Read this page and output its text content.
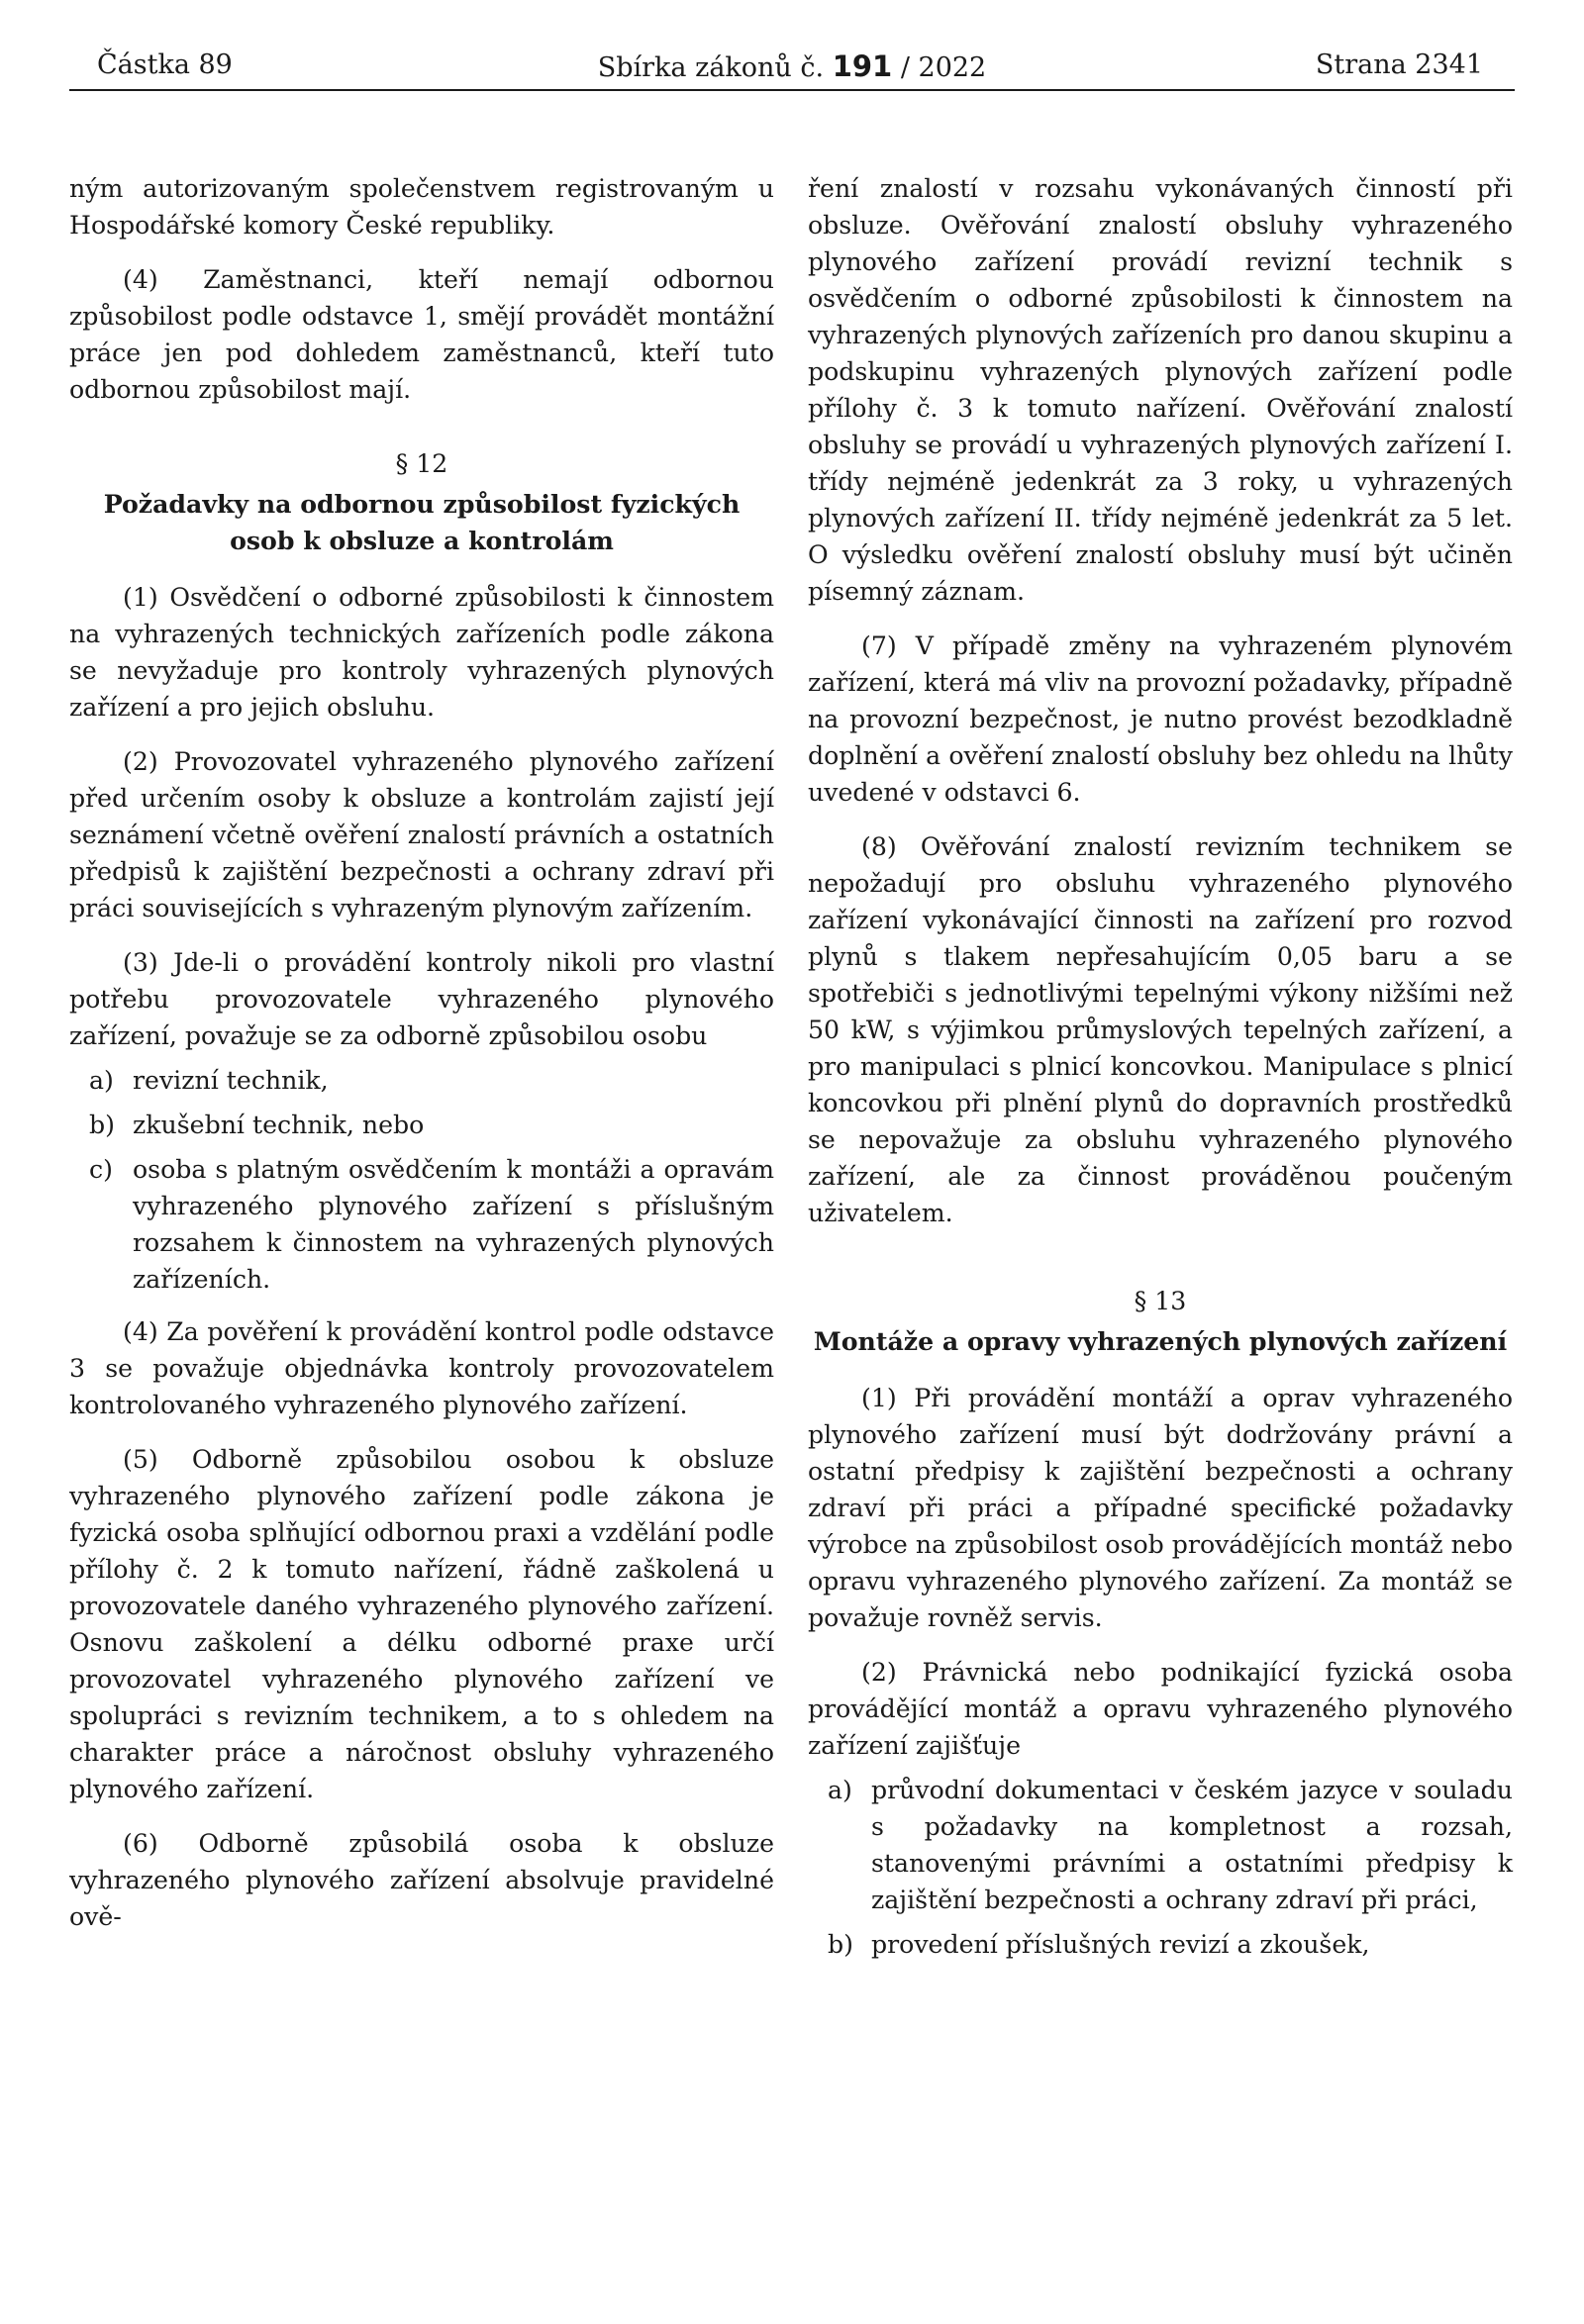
Částka 89	Sbírka zákonů č. 191 / 2022	Strana 2341

ným autorizovaným společenstvem registrovaným u Hospodářské komory České republiky.

(4) Zaměstnanci, kteří nemají odbornou způsobilost podle odstavce 1, smějí provádět montážní práce jen pod dohledem zaměstnanců, kteří tuto odbornou způsobilost mají.

§ 12
Požadavky na odbornou způsobilost fyzických osob k obsluze a kontrolám

(1) Osvědčení o odborné způsobilosti k činnostem na vyhrazených technických zařízeních podle zákona se nevyžaduje pro kontroly vyhrazených plynových zařízení a pro jejich obsluhu.

(2) Provozovatel vyhrazeného plynového zařízení před určením osoby k obsluze a kontrolám zajistí její seznámení včetně ověření znalostí právních a ostatních předpisů k zajištění bezpečnosti a ochrany zdraví při práci souvisejících s vyhrazeným plynovým zařízením.

(3) Jde-li o provádění kontroly nikoli pro vlastní potřebu provozovatele vyhrazeného plynového zařízení, považuje se za odborně způsobilou osobu

a) revizní technik,
b) zkušební technik, nebo
c) osoba s platným osvědčením k montáži a opravám vyhrazeného plynového zařízení s příslušným rozsahem k činnostem na vyhrazených plynových zařízeních.

(4) Za pověření k provádění kontrol podle odstavce 3 se považuje objednávka kontroly provozovatelem kontrolovaného vyhrazeného plynového zařízení.

(5) Odborně způsobilou osobou k obsluze vyhrazeného plynového zařízení podle zákona je fyzická osoba splňující odbornou praxi a vzdělání podle přílohy č. 2 k tomuto nařízení, řádně zaškolená u provozovatele daného vyhrazeného plynového zařízení. Osnovu zaškolení a délku odborné praxe určí provozovatel vyhrazeného plynového zařízení ve spolupráci s revizním technikem, a to s ohledem na charakter práce a náročnost obsluhy vyhrazeného plynového zařízení.

(6) Odborně způsobilá osoba k obsluze vyhrazeného plynového zařízení absolvuje pravidelné ově-

ření znalostí v rozsahu vykonávaných činností při obsluze. Ověřování znalostí obsluhy vyhrazeného plynového zařízení provádí revizní technik s osvědčením o odborné způsobilosti k činnostem na vyhrazených plynových zařízeních pro danou skupinu a podskupinu vyhrazených plynových zařízení podle přílohy č. 3 k tomuto nařízení. Ověřování znalostí obsluhy se provádí u vyhrazených plynových zařízení I. třídy nejméně jedenkrát za 3 roky, u vyhrazených plynových zařízení II. třídy nejméně jedenkrát za 5 let. O výsledku ověření znalostí obsluhy musí být učiněn písemný záznam.

(7) V případě změny na vyhrazeném plynovém zařízení, která má vliv na provozní požadavky, případně na provozní bezpečnost, je nutno provést bezodkladně doplnění a ověření znalostí obsluhy bez ohledu na lhůty uvedené v odstavci 6.

(8) Ověřování znalostí revizním technikem se nepožadují pro obsluhu vyhrazeného plynového zařízení vykonávající činnosti na zařízení pro rozvod plynů s tlakem nepřesahujícím 0,05 baru a se spotřebiči s jednotlivými tepelnými výkony nižšími než 50 kW, s výjimkou průmyslových tepelných zařízení, a pro manipulaci s plnicí koncovkou. Manipulace s plnicí koncovkou při plnění plynů do dopravních prostředků se nepovažuje za obsluhu vyhrazeného plynového zařízení, ale za činnost prováděnou poučeným uživatelem.

§ 13
Montáže a opravy vyhrazených plynových zařízení

(1) Při provádění montáží a oprav vyhrazeného plynového zařízení musí být dodržovány právní a ostatní předpisy k zajištění bezpečnosti a ochrany zdraví při práci a případné specifické požadavky výrobce na způsobilost osob provádějících montáž nebo opravu vyhrazeného plynového zařízení. Za montáž se považuje rovněž servis.

(2) Právnická nebo podnikající fyzická osoba provádějící montáž a opravu vyhrazeného plynového zařízení zajišťuje

a) průvodní dokumentaci v českém jazyce v souladu s požadavky na kompletnost a rozsah, stanovenými právními a ostatními předpisy k zajištění bezpečnosti a ochrany zdraví při práci,
b) provedení příslušných revizí a zkoušek,
